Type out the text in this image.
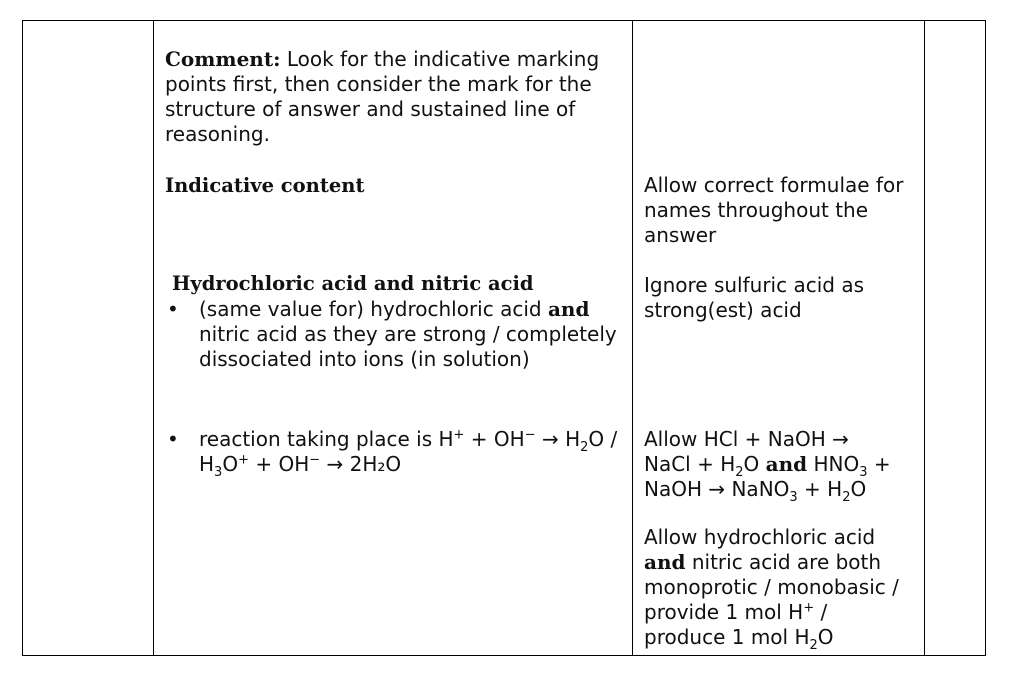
Comment: Look for the indicative marking points first, then consider the mark for the structure of answer and sustained line of reasoning.
Indicative content
Hydrochloric acid and nitric acid
•	(same value for) hydrochloric acid and nitric acid as they are strong / completely dissociated into ions (in solution)
•	reaction taking place is $H^+ + OH^- \to H_2O / H_3O^+ + OH^- \to 2H_2O$
Allow correct formulae for names throughout the answer
Ignore sulfuric acid as strong(est) acid
Allow HCl + NaOH →
NaCl + $H_2O$ and $HNO_3$ +
NaOH → NaNO$_3$ + $H_2O$
Allow hydrochloric acid
and nitric acid are both monoprotic / monobasic / provide 1 mol H+ /
produce 1 mol $H_2O$
